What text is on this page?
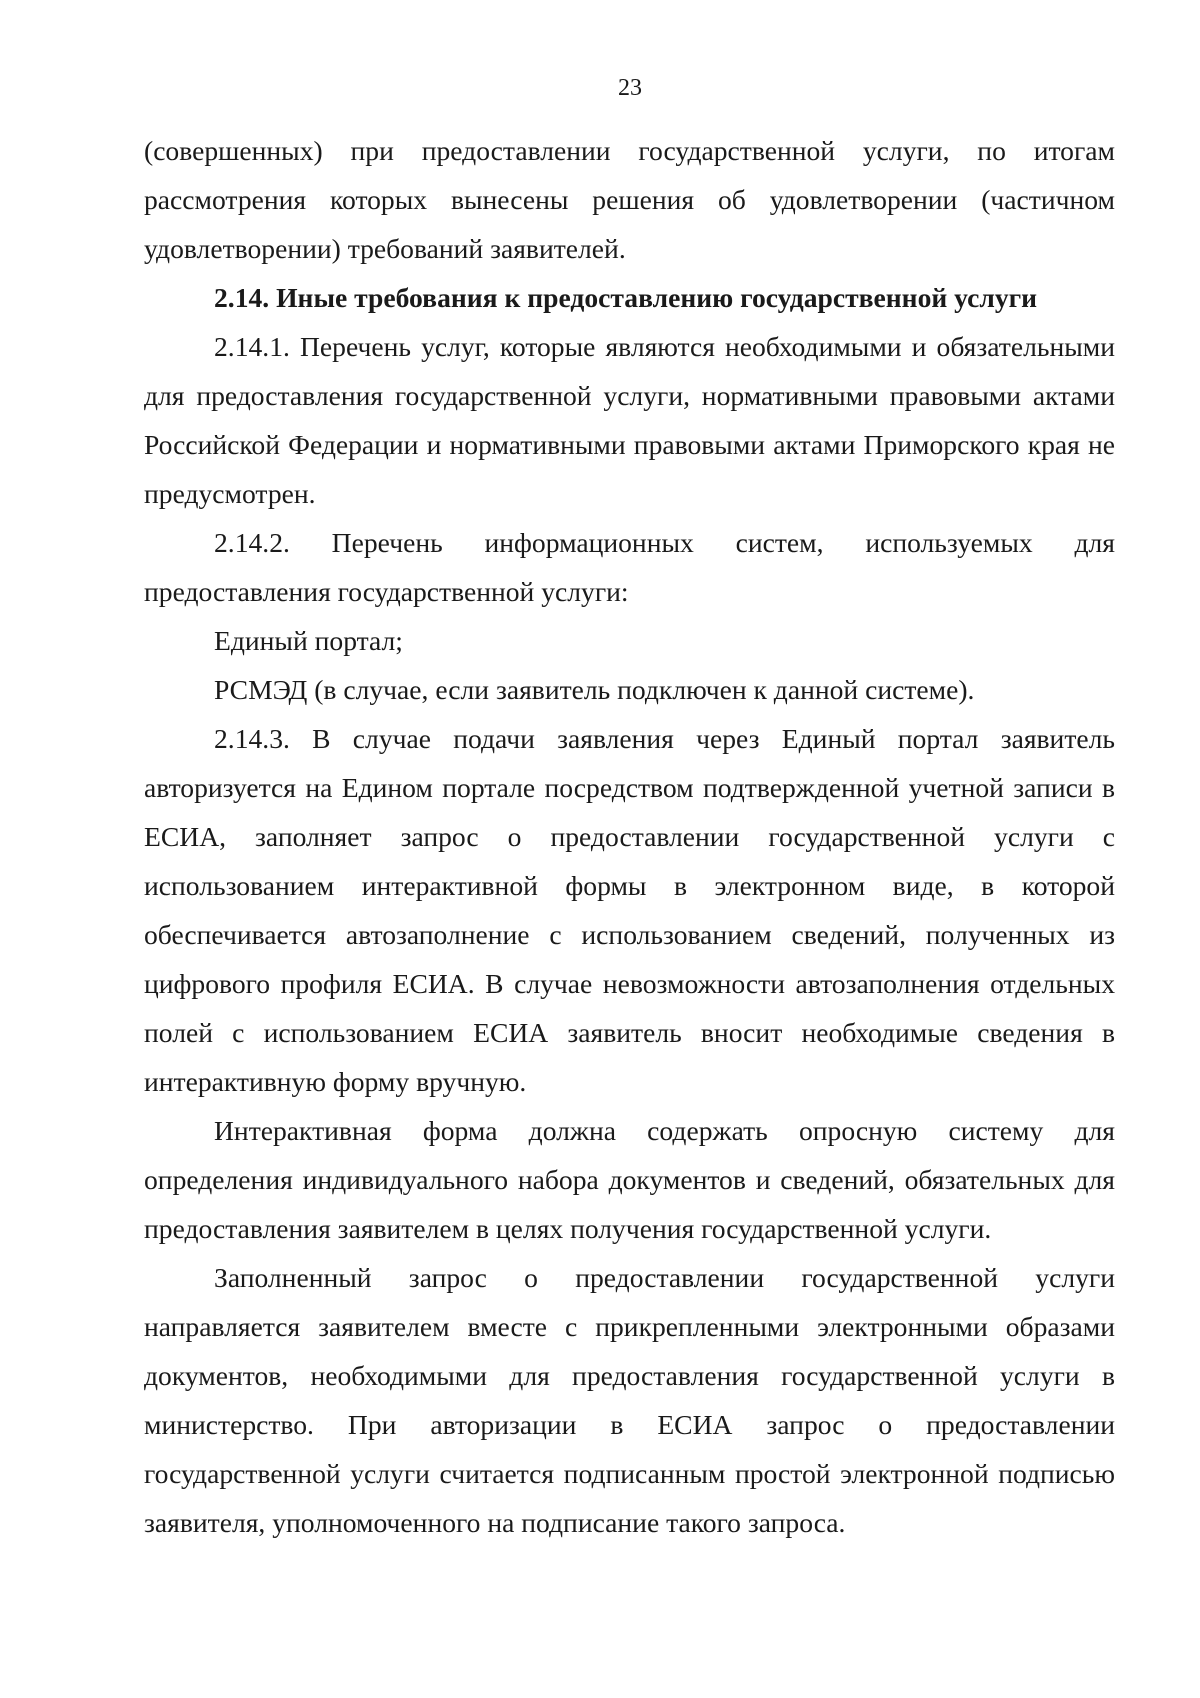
23

(совершенных) при предоставлении государственной услуги, по итогам рассмотрения которых вынесены решения об удовлетворении (частичном удовлетворении) требований заявителей.

2.14. Иные требования к предоставлению государственной услуги

2.14.1. Перечень услуг, которые являются необходимыми и обязательными для предоставления государственной услуги, нормативными правовыми актами Российской Федерации и нормативными правовыми актами Приморского края не предусмотрен.

2.14.2. Перечень информационных систем, используемых для предоставления государственной услуги:

Единый портал;

РСМЭД (в случае, если заявитель подключен к данной системе).

2.14.3. В случае подачи заявления через Единый портал заявитель авторизуется на Едином портале посредством подтвержденной учетной записи в ЕСИА, заполняет запрос о предоставлении государственной услуги с использованием интерактивной формы в электронном виде, в которой обеспечивается автозаполнение с использованием сведений, полученных из цифрового профиля ЕСИА. В случае невозможности автозаполнения отдельных полей с использованием ЕСИА заявитель вносит необходимые сведения в интерактивную форму вручную.

Интерактивная форма должна содержать опросную систему для определения индивидуального набора документов и сведений, обязательных для предоставления заявителем в целях получения государственной услуги.

Заполненный запрос о предоставлении государственной услуги направляется заявителем вместе с прикрепленными электронными образами документов, необходимыми для предоставления государственной услуги в министерство. При авторизации в ЕСИА запрос о предоставлении государственной услуги считается подписанным простой электронной подписью заявителя, уполномоченного на подписание такого запроса.
